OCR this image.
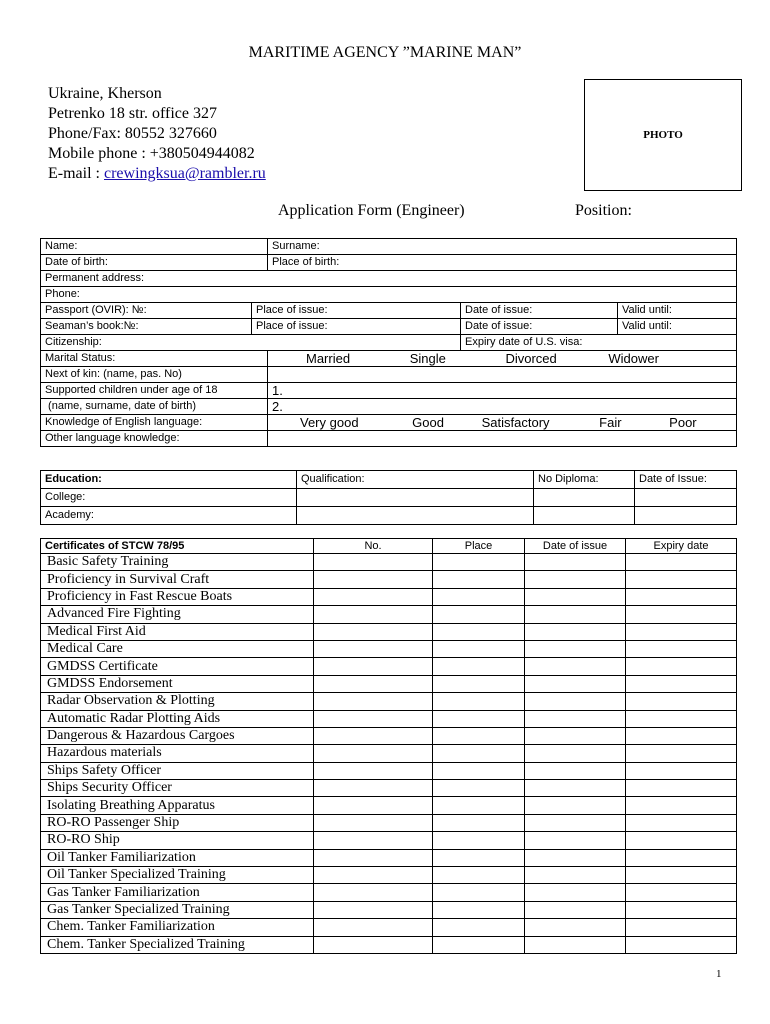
MARITIME AGENCY ”MARINE MAN”
Ukraine, Kherson
Petrenko 18 str. office 327
Phone/Fax: 80552 327660
Mobile phone : +380504944082
E-mail : crewingksua@rambler.ru
PHOTO
Application Form (Engineer)	Position:
Name:		Surname:		
Date of birth:		Place of birth:		
Permanent address:				
Phone:				
Passport (OVIR): №:	Place of issue:		Date of issue:	Valid until:
Seaman’s book:№:	Place of issue:		Date of issue:	Valid until:
Citizenship:			Expiry date of U.S. visa:	
Marital Status:		Married Single Divorced Widower		
Next of kin: (name, pas. No)				
Supported children under age of 18		1.		
(name, surname, date of birth)		2.		
Knowledge of English language:		Very good Good Satisfactory Fair Poor		
Other language knowledge:				
Education:	Qualification:	No Diploma:	Date of Issue:
College:			
Academy:			
Certificates of STCW 78/95	No.	Place	Date of issue	Expiry date
Basic Safety Training				
Proficiency in Survival Craft				
Proficiency in Fast Rescue Boats				
Advanced Fire Fighting				
Medical First Aid				
Medical Care				
GMDSS Certificate				
GMDSS Endorsement				
Radar Observation & Plotting				
Automatic Radar Plotting Aids				
Dangerous & Hazardous Cargoes				
Hazardous materials				
Ships Safety Officer				
Ships Security Officer				
Isolating Breathing Apparatus				
RO-RO Passenger Ship				
RO-RO Ship				
Oil Tanker Familiarization				
Oil Tanker Specialized Training				
Gas Tanker Familiarization				
Gas Tanker Specialized Training				
Chem. Tanker Familiarization				
Chem. Tanker Specialized Training				
1
